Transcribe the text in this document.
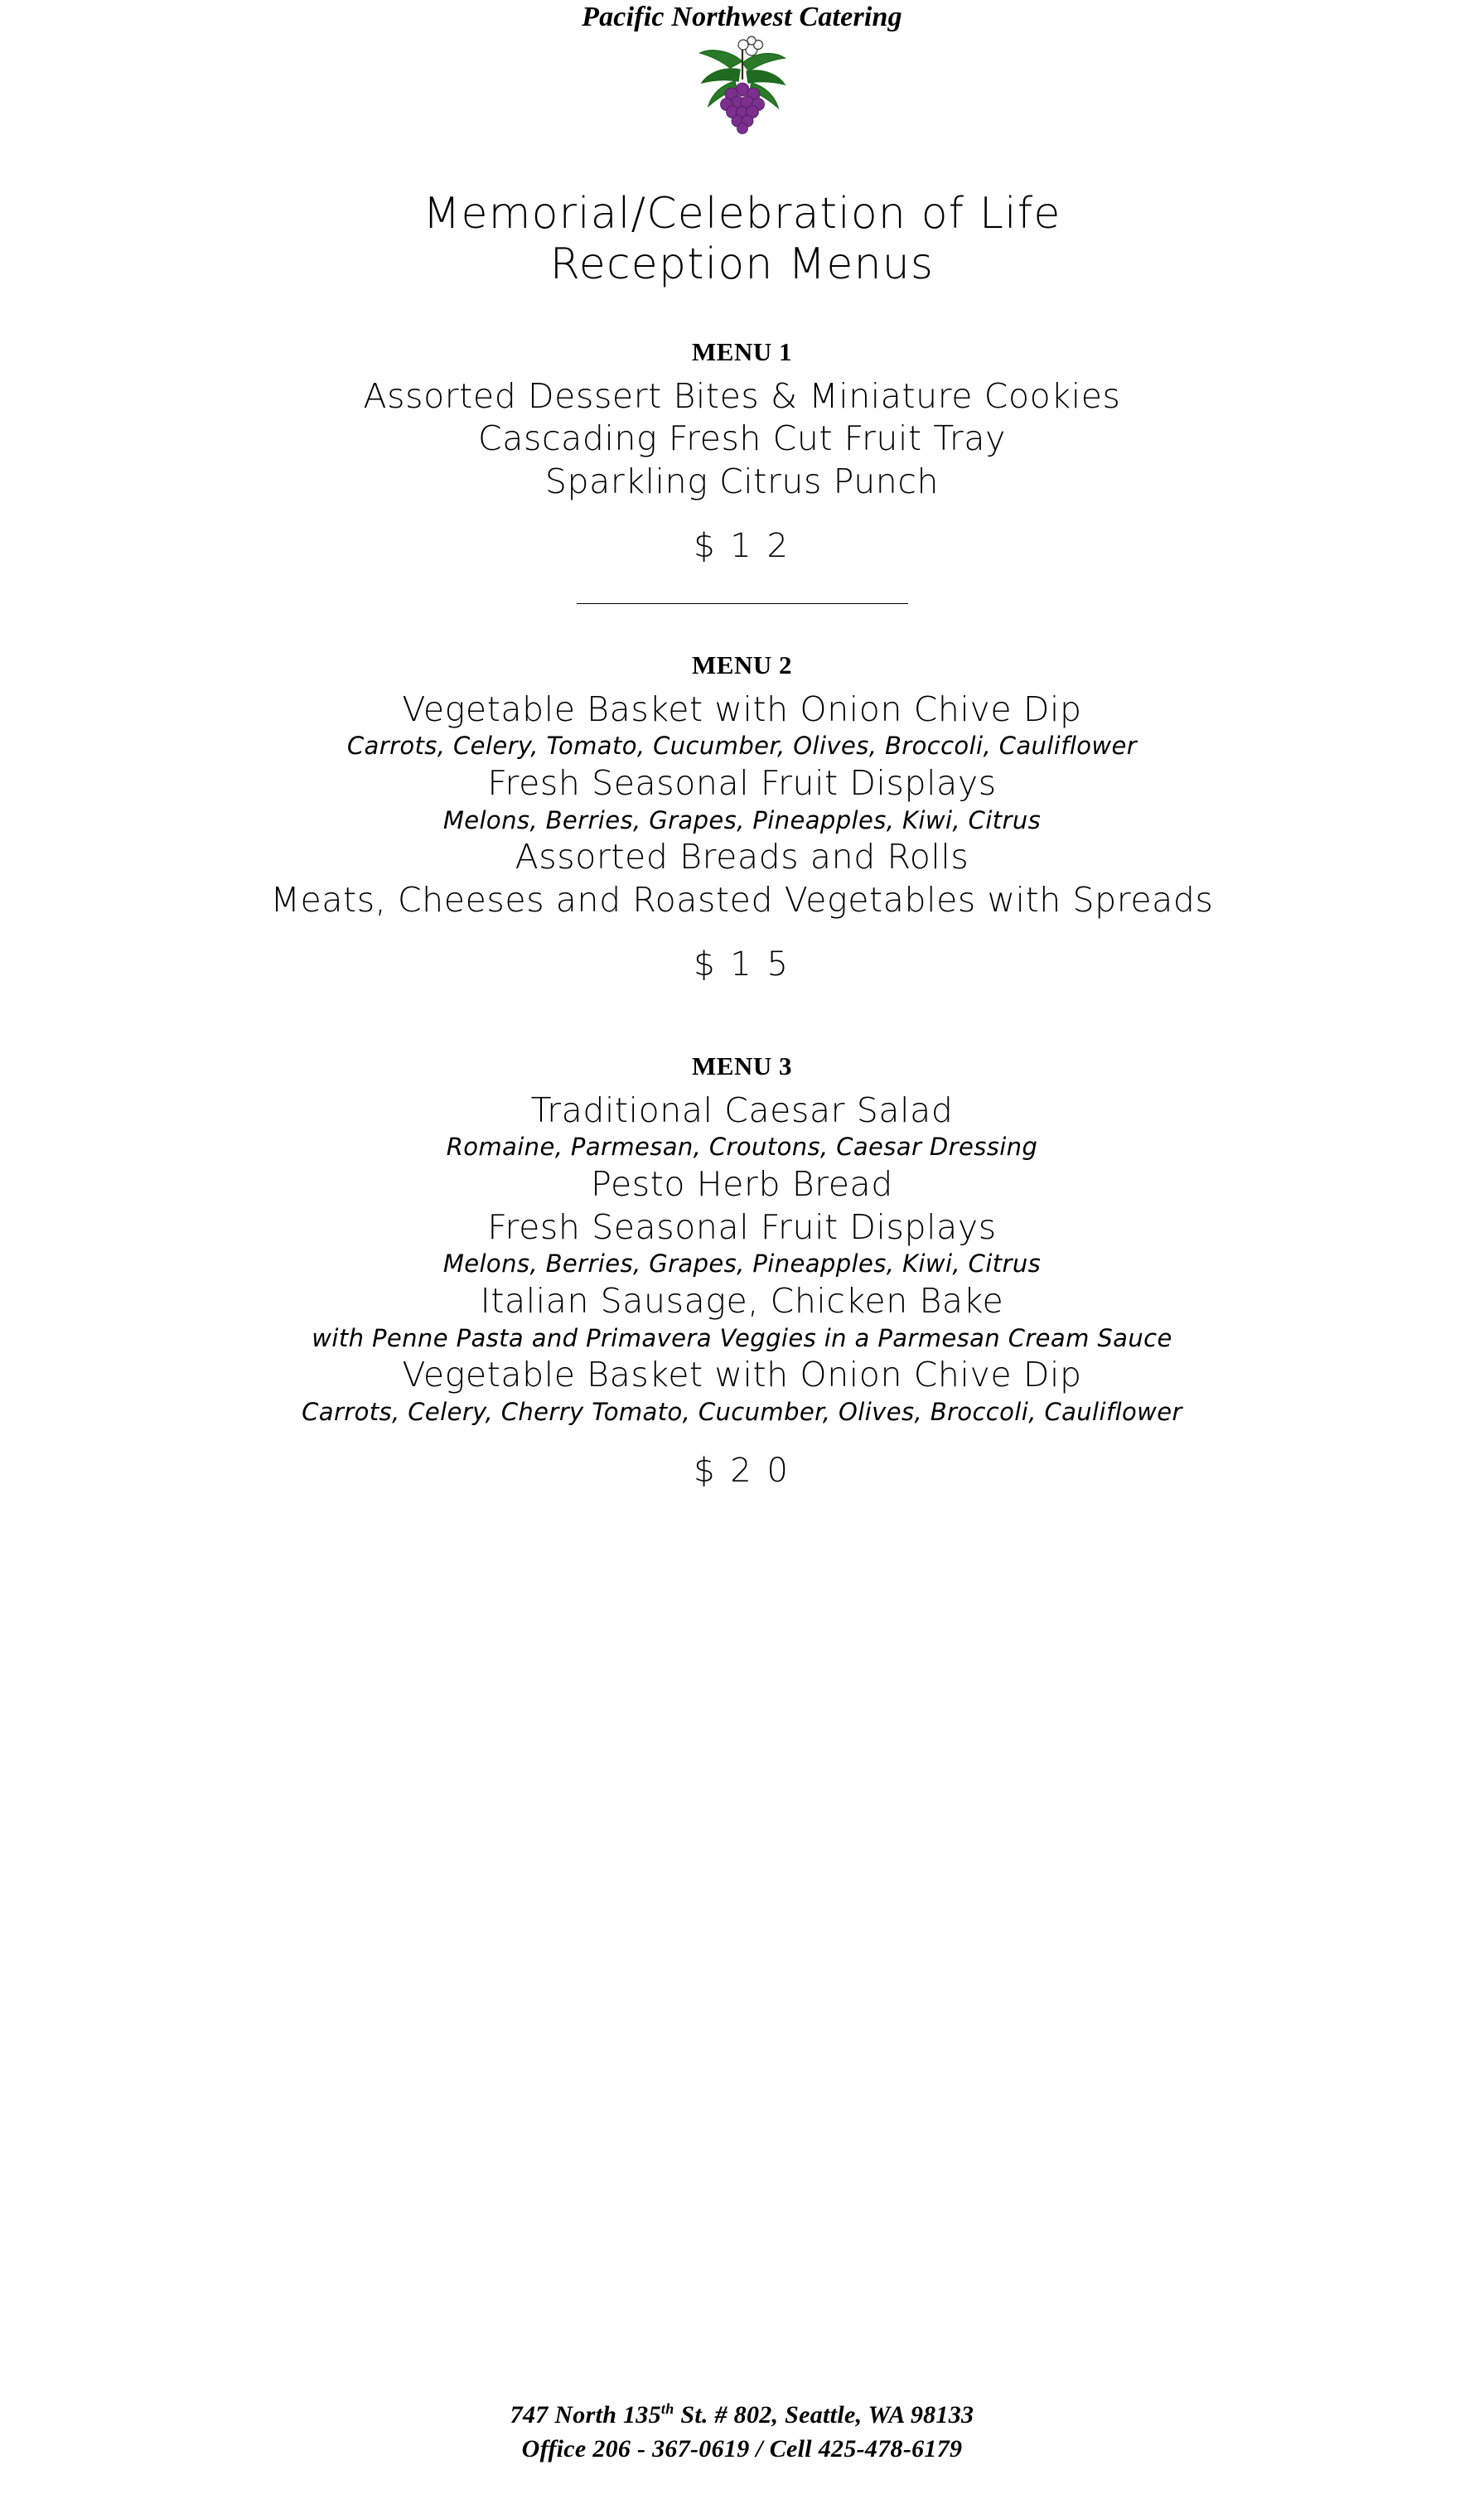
Pacific Northwest Catering
Memorial/Celebration of Life
Reception Menus
MENU 1
Assorted Dessert Bites & Miniature Cookies
Cascading Fresh Cut Fruit Tray
Sparkling Citrus Punch
$ 1 2
MENU 2
Vegetable Basket with Onion Chive Dip
Carrots, Celery, Tomato, Cucumber, Olives, Broccoli, Cauliflower
Fresh Seasonal Fruit Displays
Melons, Berries, Grapes, Pineapples, Kiwi, Citrus
Assorted Breads and Rolls
Meats, Cheeses and Roasted Vegetables with Spreads
$ 1 5
MENU 3
Traditional Caesar Salad
Romaine, Parmesan, Croutons, Caesar Dressing
Pesto Herb Bread
Fresh Seasonal Fruit Displays
Melons, Berries, Grapes, Pineapples, Kiwi, Citrus
Italian Sausage, Chicken Bake
with Penne Pasta and Primavera Veggies in a Parmesan Cream Sauce
Vegetable Basket with Onion Chive Dip
Carrots, Celery, Cherry Tomato, Cucumber, Olives, Broccoli, Cauliflower
$ 2 0
747 North 135th St. # 802, Seattle, WA 98133
Office 206 - 367-0619 / Cell 425-478-6179
